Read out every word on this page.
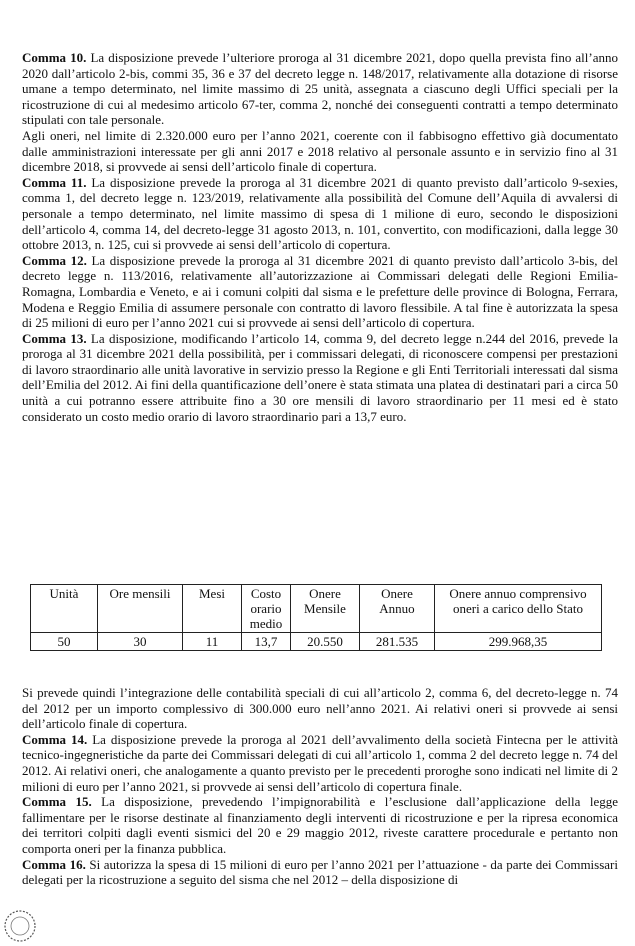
Comma 10. La disposizione prevede l’ulteriore proroga al 31 dicembre 2021, dopo quella prevista fino all’anno 2020 dall’articolo 2-bis, commi 35, 36 e 37 del decreto legge n. 148/2017, relativamente alla dotazione di risorse umane a tempo determinato, nel limite massimo di 25 unità, assegnata a ciascuno degli Uffici speciali per la ricostruzione di cui al medesimo articolo 67-ter, comma 2, nonché dei conseguenti contratti a tempo determinato stipulati con tale personale.

Agli oneri, nel limite di 2.320.000 euro per l’anno 2021, coerente con il fabbisogno effettivo già documentato dalle amministrazioni interessate per gli anni 2017 e 2018 relativo al personale assunto e in servizio fino al 31 dicembre 2018, si provvede ai sensi dell’articolo finale di copertura.

Comma 11. La disposizione prevede la proroga al 31 dicembre 2021 di quanto previsto dall’articolo 9-sexies, comma 1, del decreto legge n. 123/2019, relativamente alla possibilità del Comune dell’Aquila di avvalersi di personale a tempo determinato, nel limite massimo di spesa di 1 milione di euro, secondo le disposizioni dell’articolo 4, comma 14, del decreto-legge 31 agosto 2013, n. 101, convertito, con modificazioni, dalla legge 30 ottobre 2013, n. 125, cui si provvede ai sensi dell’articolo di copertura.

Comma 12. La disposizione prevede la proroga al 31 dicembre 2021 di quanto previsto dall’articolo 3-bis, del decreto legge n. 113/2016, relativamente all’autorizzazione ai Commissari delegati delle Regioni Emilia-Romagna, Lombardia e Veneto, e ai i comuni colpiti dal sisma e le prefetture delle province di Bologna, Ferrara, Modena e Reggio Emilia di assumere personale con contratto di lavoro flessibile. A tal fine è autorizzata la spesa di 25 milioni di euro per l’anno 2021 cui si provvede ai sensi dell’articolo di copertura.

Comma 13. La disposizione, modificando l’articolo 14, comma 9, del decreto legge n.244 del 2016, prevede la proroga al 31 dicembre 2021 della possibilità, per i commissari delegati, di riconoscere compensi per prestazioni di lavoro straordinario alle unità lavorative in servizio presso la Regione e gli Enti Territoriali interessati dal sisma dell’Emilia del 2012. Ai fini della quantificazione dell’onere è stata stimata una platea di destinatari pari a circa 50 unità a cui potranno essere attribuite fino a 30 ore mensili di lavoro straordinario per 11 mesi ed è stato considerato un costo medio orario di lavoro straordinario pari a 13,7 euro.

Unità	Ore mensili	Mesi	Costo orario medio	Onere Mensile	Onere Annuo	Onere annuo comprensivo oneri a carico dello Stato
50	30	11	13,7	20.550	281.535	299.968,35

Si prevede quindi l’integrazione delle contabilità speciali di cui all’articolo 2, comma 6, del decreto-legge n. 74 del 2012 per un importo complessivo di 300.000 euro nell’anno 2021. Ai relativi oneri si provvede ai sensi dell’articolo finale di copertura.

Comma 14. La disposizione prevede la proroga al 2021 dell’avvalimento della società Fintecna per le attività tecnico-ingegneristiche da parte dei Commissari delegati di cui all’articolo 1, comma 2 del decreto legge n. 74 del 2012. Ai relativi oneri, che analogamente a quanto previsto per le precedenti proroghe sono indicati nel limite di 2 milioni di euro per l’anno 2021, si provvede ai sensi dell’articolo di copertura finale.

Comma 15. La disposizione, prevedendo l’impignorabilità e l’esclusione dall’applicazione della legge fallimentare per le risorse destinate al finanziamento degli interventi di ricostruzione e per la ripresa economica dei territori colpiti dagli eventi sismici del 20 e 29 maggio 2012, riveste carattere procedurale e pertanto non comporta oneri per la finanza pubblica.

Comma 16. Si autorizza la spesa di 15 milioni di euro per l’anno 2021 per l’attuazione - da parte dei Commissari delegati per la ricostruzione a seguito del sisma che nel 2012 – della disposizione di
